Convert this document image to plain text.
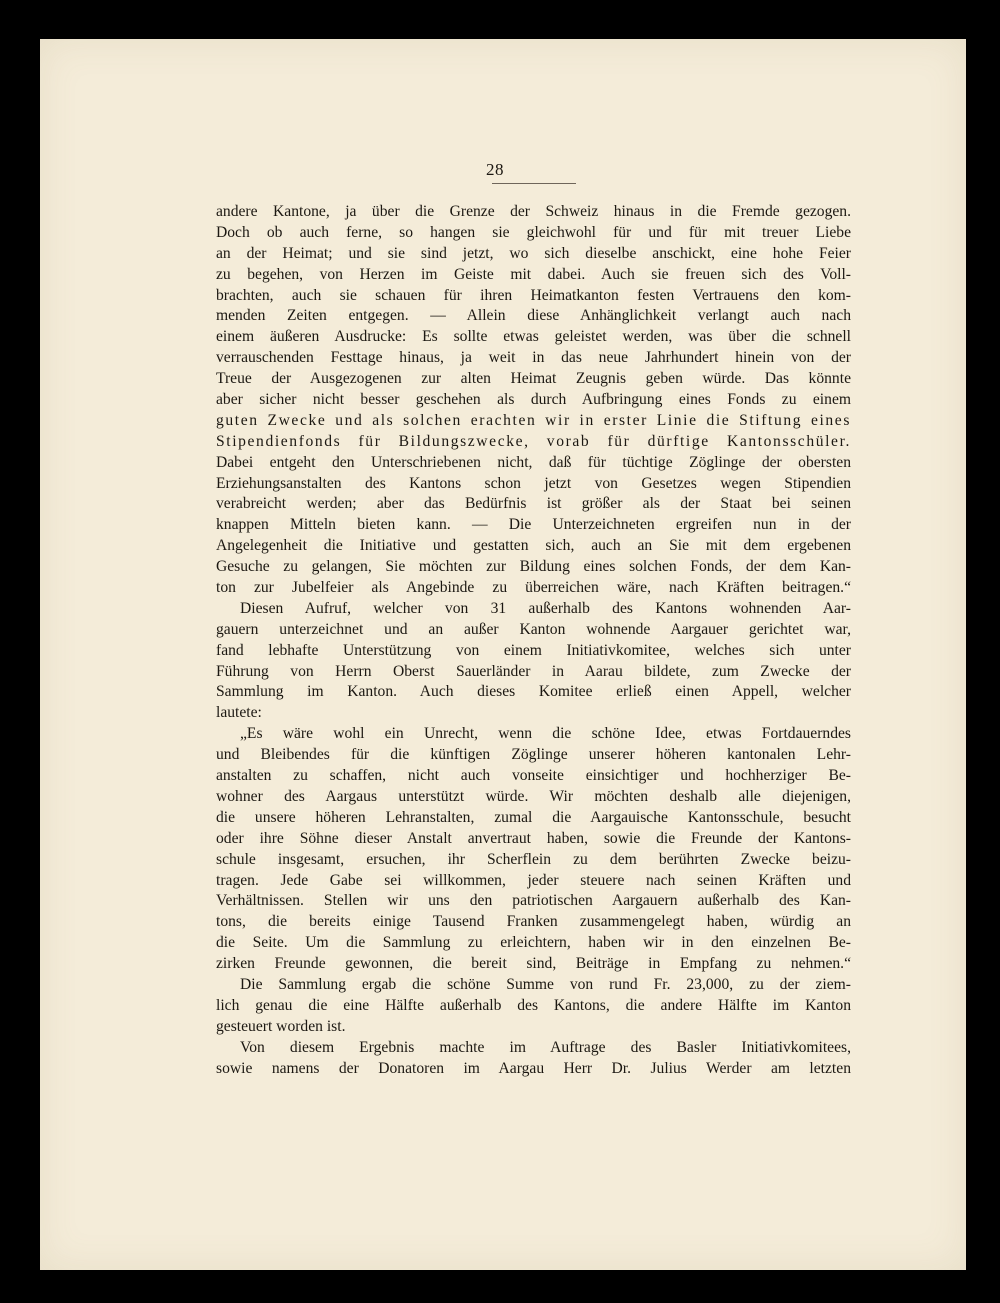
28
andere Kantone, ja über die Grenze der Schweiz hinaus in die Fremde gezogen.
Doch ob auch ferne, so hangen sie gleichwohl für und für mit treuer Liebe
an der Heimat; und sie sind jetzt, wo sich dieselbe anschickt, eine hohe Feier
zu begehen, von Herzen im Geiste mit dabei. Auch sie freuen sich des Voll-
brachten, auch sie schauen für ihren Heimatkanton festen Vertrauens den kom-
menden Zeiten entgegen. — Allein diese Anhänglichkeit verlangt auch nach
einem äußeren Ausdrucke: Es sollte etwas geleistet werden, was über die schnell
verrauschenden Festtage hinaus, ja weit in das neue Jahrhundert hinein von der
Treue der Ausgezogenen zur alten Heimat Zeugnis geben würde. Das könnte
aber sicher nicht besser geschehen als durch Aufbringung eines Fonds zu einem
guten Zwecke und als solchen erachten wir in erster Linie die Stiftung eines
Stipendienfonds für Bildungszwecke, vorab für dürftige Kantonsschüler.
Dabei entgeht den Unterschriebenen nicht, daß für tüchtige Zöglinge der obersten
Erziehungsanstalten des Kantons schon jetzt von Gesetzes wegen Stipendien
verabreicht werden; aber das Bedürfnis ist größer als der Staat bei seinen
knappen Mitteln bieten kann. — Die Unterzeichneten ergreifen nun in der
Angelegenheit die Initiative und gestatten sich, auch an Sie mit dem ergebenen
Gesuche zu gelangen, Sie möchten zur Bildung eines solchen Fonds, der dem Kan-
ton zur Jubelfeier als Angebinde zu überreichen wäre, nach Kräften beitragen.“
Diesen Aufruf, welcher von 31 außerhalb des Kantons wohnenden Aar-
gauern unterzeichnet und an außer Kanton wohnende Aargauer gerichtet war,
fand lebhafte Unterstützung von einem Initiativkomitee, welches sich unter
Führung von Herrn Oberst Sauerländer in Aarau bildete, zum Zwecke der
Sammlung im Kanton. Auch dieses Komitee erließ einen Appell, welcher
lautete:
„Es wäre wohl ein Unrecht, wenn die schöne Idee, etwas Fortdauerndes
und Bleibendes für die künftigen Zöglinge unserer höheren kantonalen Lehr-
anstalten zu schaffen, nicht auch vonseite einsichtiger und hochherziger Be-
wohner des Aargaus unterstützt würde. Wir möchten deshalb alle diejenigen,
die unsere höheren Lehranstalten, zumal die Aargauische Kantonsschule, besucht
oder ihre Söhne dieser Anstalt anvertraut haben, sowie die Freunde der Kantons-
schule insgesamt, ersuchen, ihr Scherflein zu dem berührten Zwecke beizu-
tragen. Jede Gabe sei willkommen, jeder steuere nach seinen Kräften und
Verhältnissen. Stellen wir uns den patriotischen Aargauern außerhalb des Kan-
tons, die bereits einige Tausend Franken zusammengelegt haben, würdig an
die Seite. Um die Sammlung zu erleichtern, haben wir in den einzelnen Be-
zirken Freunde gewonnen, die bereit sind, Beiträge in Empfang zu nehmen.“
Die Sammlung ergab die schöne Summe von rund Fr. 23,000, zu der ziem-
lich genau die eine Hälfte außerhalb des Kantons, die andere Hälfte im Kanton
gesteuert worden ist.
Von diesem Ergebnis machte im Auftrage des Basler Initiativkomitees,
sowie namens der Donatoren im Aargau Herr Dr. Julius Werder am letzten
